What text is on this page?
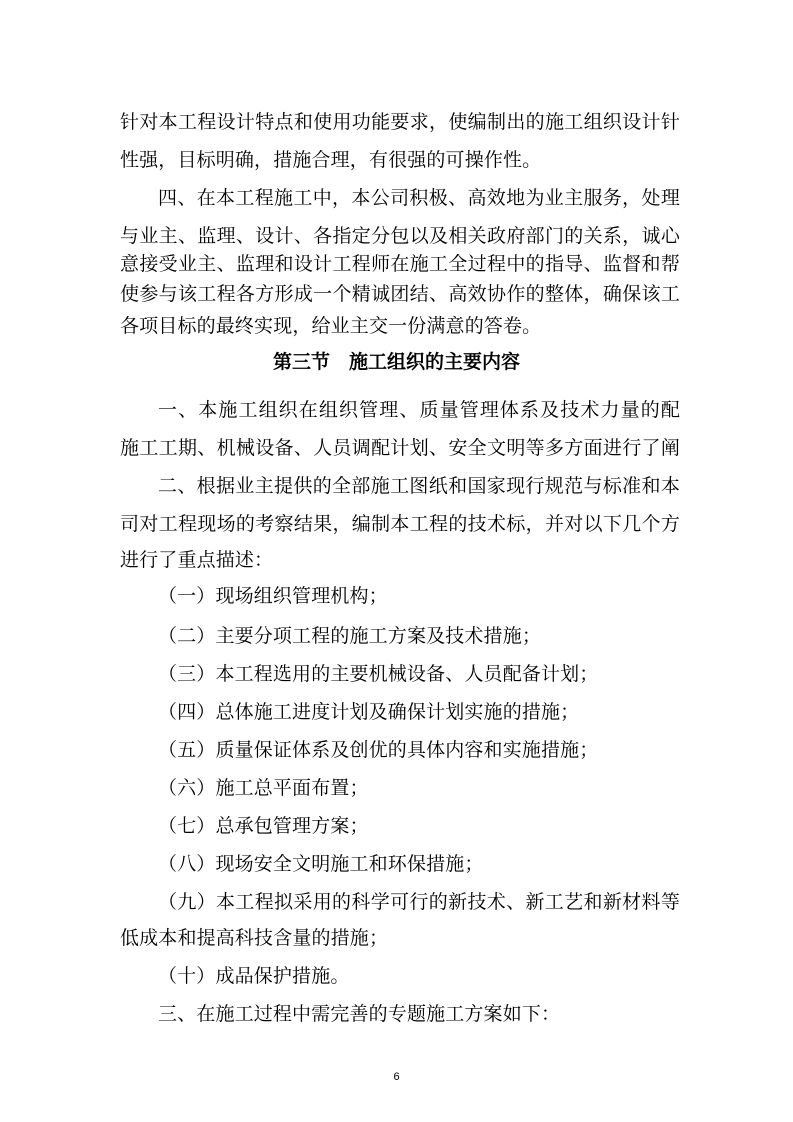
针对本工程设计特点和使用功能要求，使编制出的施工组织设计针
性强，目标明确，措施合理，有很强的可操作性。
四、在本工程施工中，本公司积极、高效地为业主服务，处理
与业主、监理、设计、各指定分包以及相关政府部门的关系，诚心
意接受业主、监理和设计工程师在施工全过程中的指导、监督和帮
使参与该工程各方形成一个精诚团结、高效协作的整体，确保该工
各项目标的最终实现，给业主交一份满意的答卷。
第三节　施工组织的主要内容
一、本施工组织在组织管理、质量管理体系及技术力量的配
施工工期、机械设备、人员调配计划、安全文明等多方面进行了阐
二、根据业主提供的全部施工图纸和国家现行规范与标准和本
司对工程现场的考察结果，编制本工程的技术标，并对以下几个方
进行了重点描述：
（一）现场组织管理机构；
（二）主要分项工程的施工方案及技术措施；
（三）本工程选用的主要机械设备、人员配备计划；
（四）总体施工进度计划及确保计划实施的措施；
（五）质量保证体系及创优的具体内容和实施措施；
（六）施工总平面布置；
（七）总承包管理方案；
（八）现场安全文明施工和环保措施；
（九）本工程拟采用的科学可行的新技术、新工艺和新材料等
低成本和提高科技含量的措施；
（十）成品保护措施。
三、在施工过程中需完善的专题施工方案如下：
6
